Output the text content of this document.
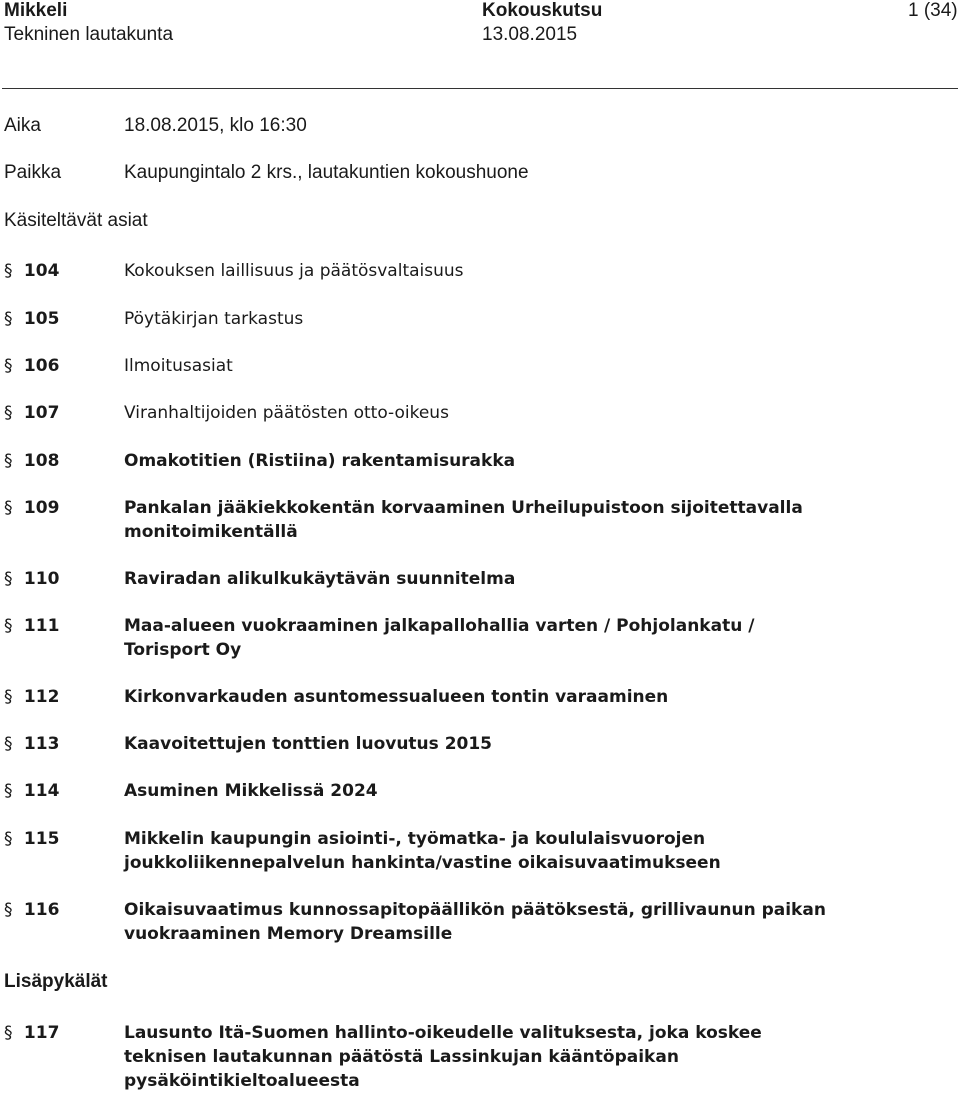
Mikkeli
Tekninen lautakunta
Kokouskutsu
13.08.2015
1 (34)
Aika	18.08.2015, klo 16:30
Paikka	Kaupungintalo 2 krs., lautakuntien kokoushuone
Käsiteltävät asiat
§ 104	Kokouksen laillisuus ja päätösvaltaisuus
§ 105	Pöytäkirjan tarkastus
§ 106	Ilmoitusasiat
§ 107	Viranhaltijoiden päätösten otto-oikeus
§ 108	Omakotitien (Ristiina) rakentamisurakka
§ 109	Pankalan jääkiekkokentän korvaaminen Urheilupuistoon sijoitettavalla monitoimikentällä
§ 110	Raviradan alikulkukäytävän suunnitelma
§ 111	Maa-alueen vuokraaminen jalkapallohallia varten / Pohjolankatu / Torisport Oy
§ 112	Kirkonvarkauden asuntomessualueen tontin varaaminen
§ 113	Kaavoitettujen tonttien luovutus 2015
§ 114	Asuminen Mikkelissä 2024
§ 115	Mikkelin kaupungin asiointi-, työmatka- ja koululaisvuorojen joukkoliikennepalvelun hankinta/vastine oikaisuvaatimukseen
§ 116	Oikaisuvaatimus kunnossapitopäällikön päätöksestä, grillivaunun paikan vuokraaminen Memory Dreamsille
Lisäpykälät
§ 117	Lausunto Itä-Suomen hallinto-oikeudelle valituksesta, joka koskee teknisen lautakunnan päätöstä Lassinkujan kääntöpaikan pysäköintikieltoalueesta
